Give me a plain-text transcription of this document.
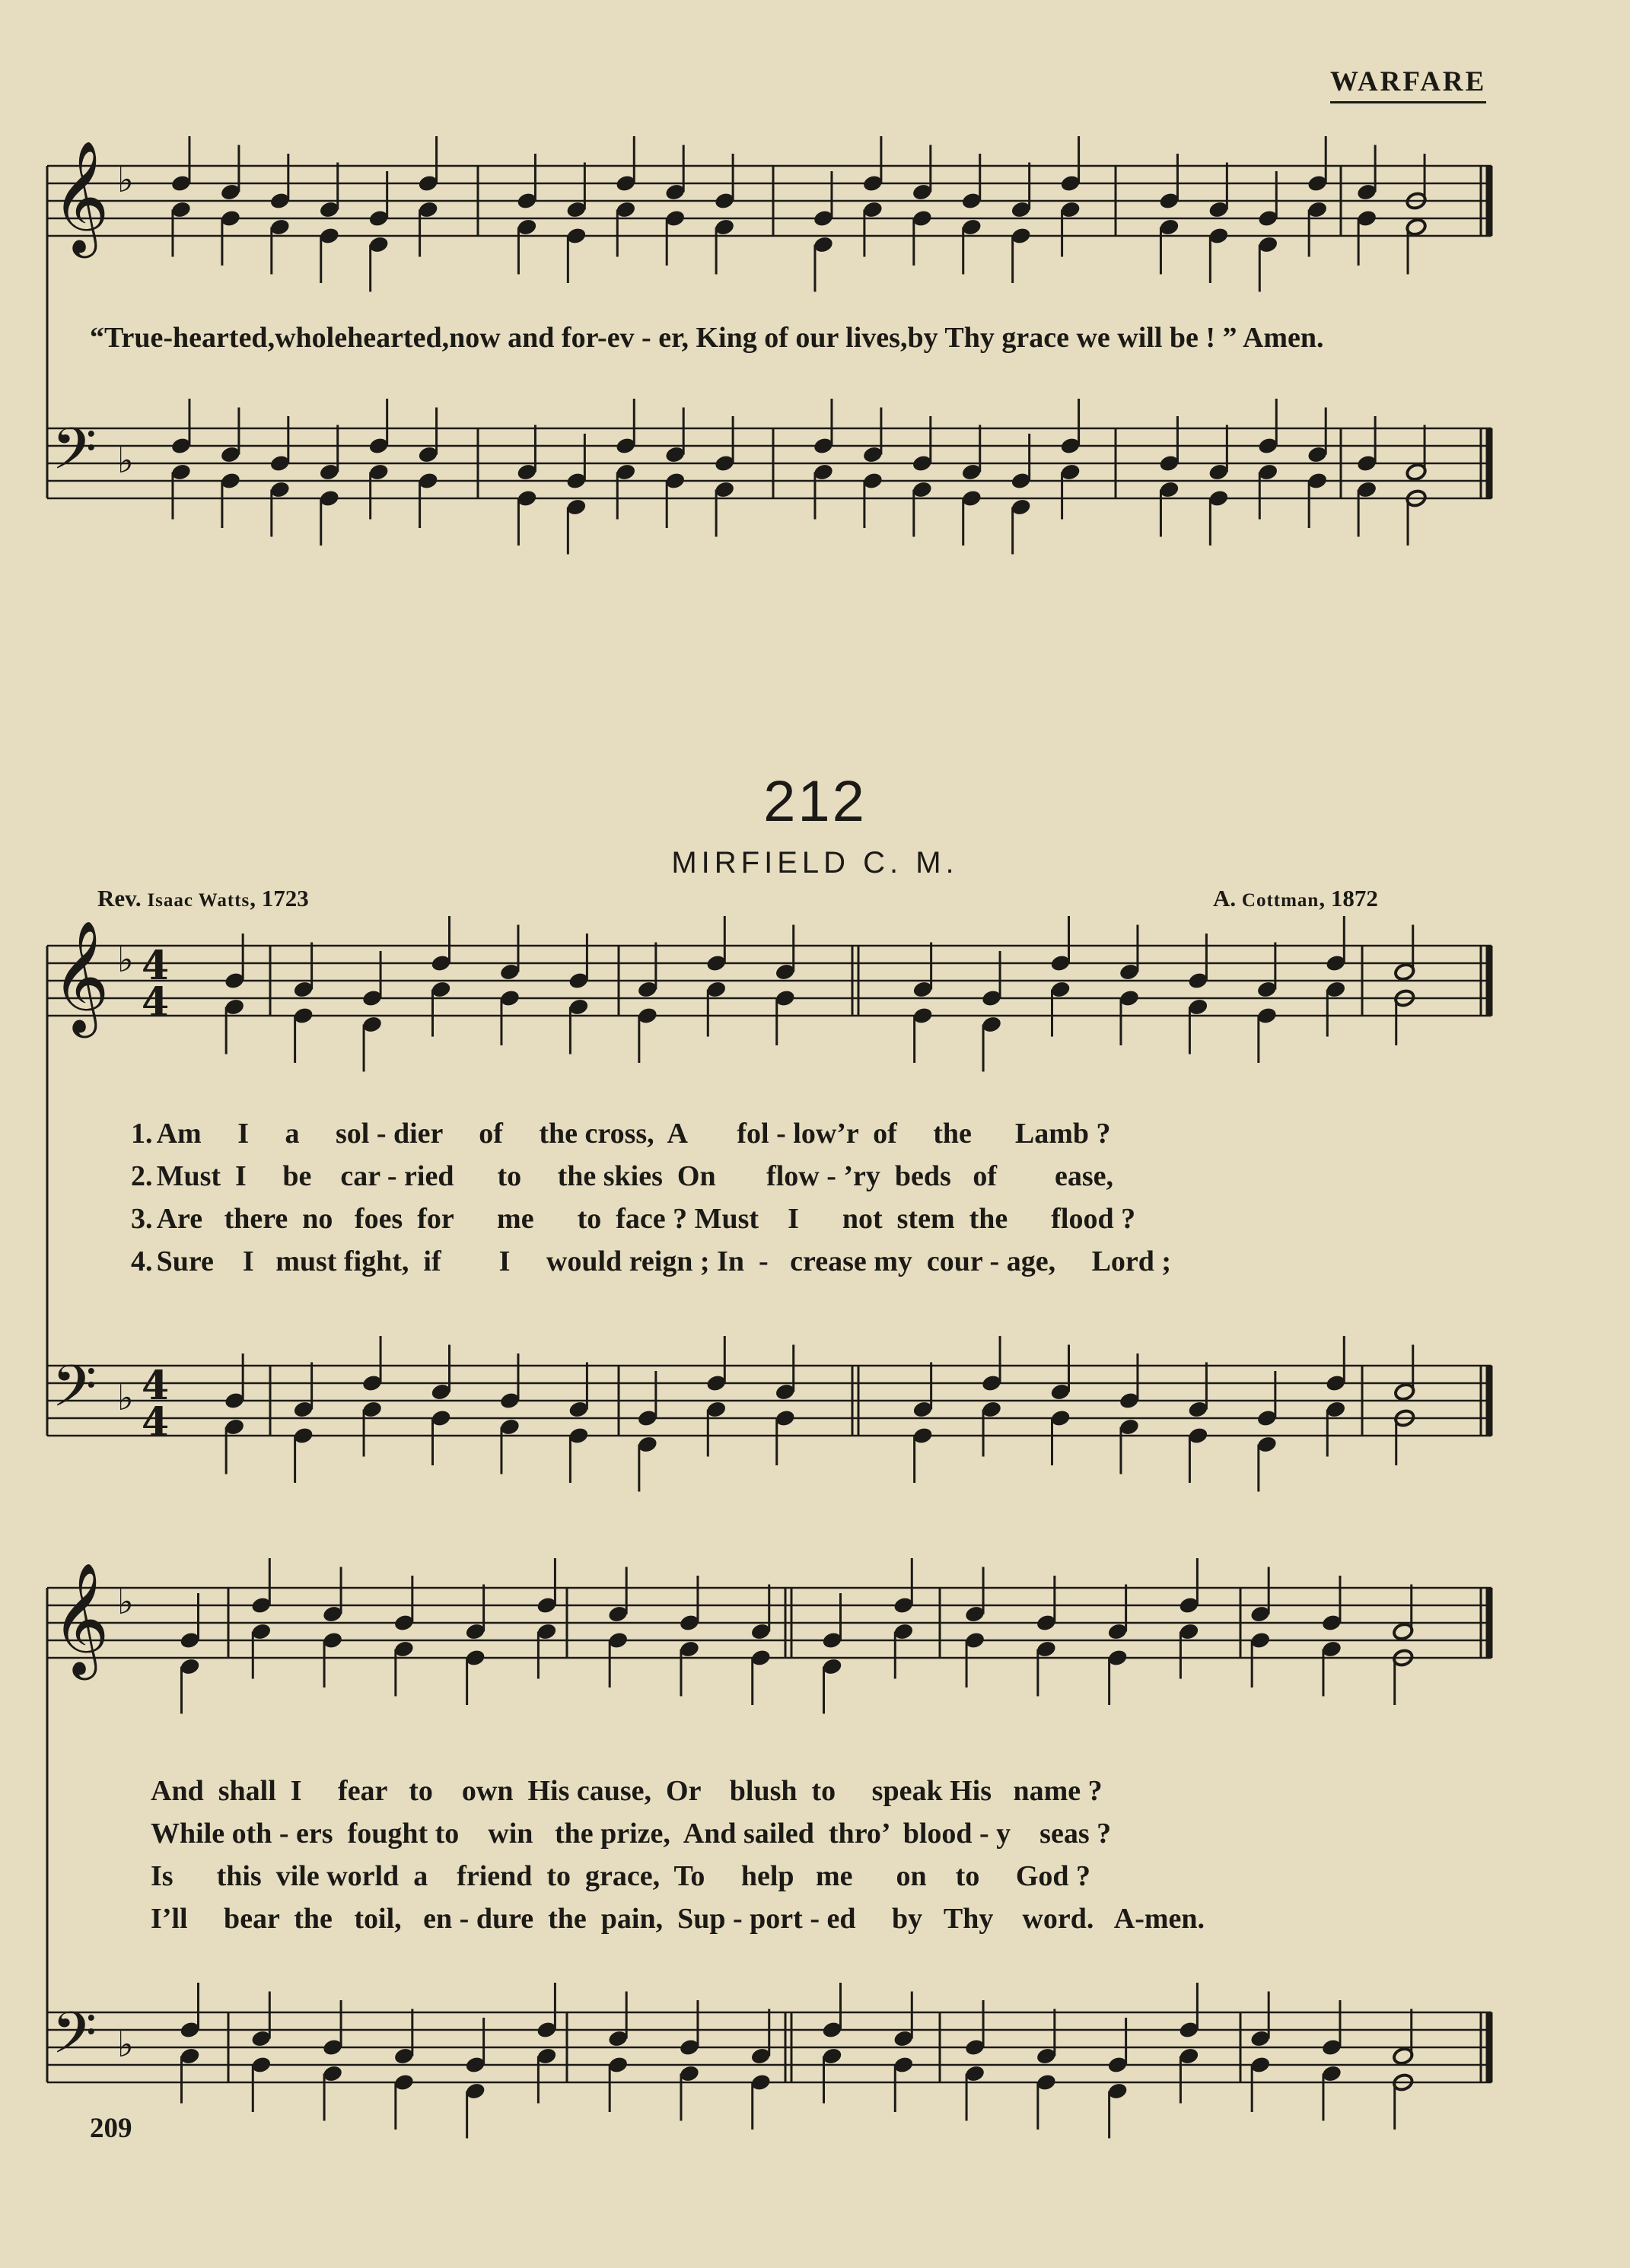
WARFARE
𝄞 ♭
𝄢 ♭
𝄞 ♭ 4
4
𝄢 ♭ 4
4
𝄞 ♭
𝄢 ♭
“True-hearted,wholehearted,now and for-ev - er, King of our lives,by Thy grace we will be ! ” Amen.
212
MIRFIELD C. M.
Rev. Isaac Watts, 1723	A. Cottman, 1872
1. Am     I     a     sol - dier     of     the cross,  A       fol - low’r  of     the      Lamb ?
2. Must  I     be    car - ried      to     the skies  On       flow - ’ry  beds   of        ease,
3. Are   there  no   foes  for      me      to  face ? Must    I      not  stem  the      flood ?
4. Sure    I   must fight,  if        I     would reign ; In  -   crease my  cour - age,     Lord ;
And  shall  I     fear   to    own  His cause,  Or    blush  to     speak His   name ?
While oth - ers  fought to    win   the prize,  And sailed  thro’  blood - y    seas ?
Is      this  vile world  a    friend  to  grace,  To     help   me      on    to     God ?
I’ll     bear  the   toil,   en - dure  the  pain,  Sup - port - ed     by   Thy    word.   A-men.
209
